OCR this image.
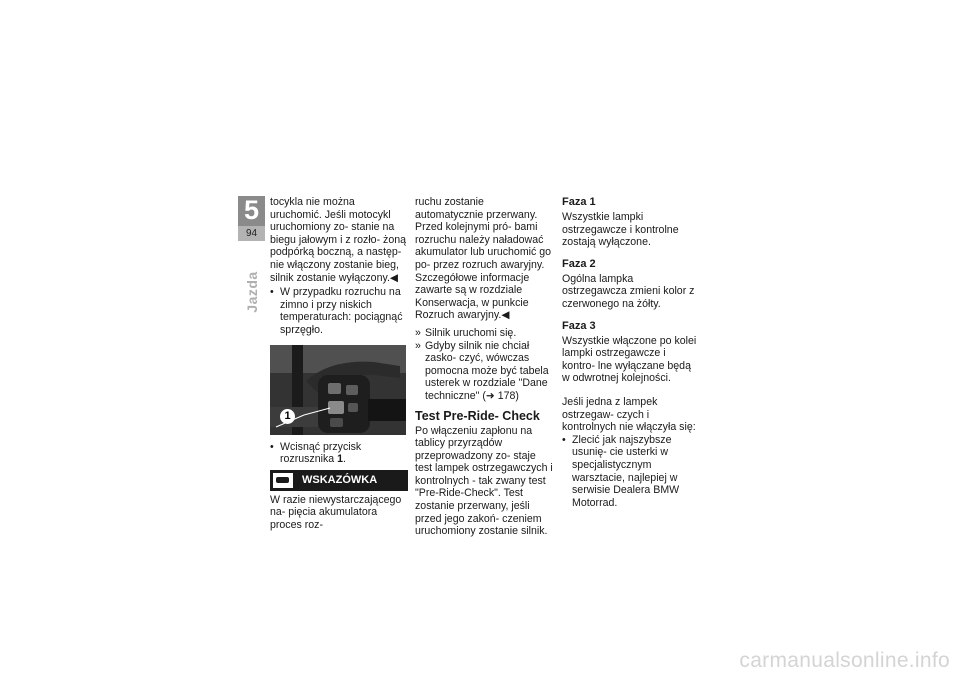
5
94
Jazda

tocykla nie można uruchomić. Jeśli motocykl uruchomiony zo- stanie na biegu jałowym i z rozło- żoną podpórką boczną, a następ- nie włączony zostanie bieg, silnik zostanie wyłączony.◀

• W przypadku rozruchu na zimno i przy niskich temperaturach: pociągnąć sprzęgło.
1
• Wcisnąć przycisk rozrusznika 1.
WSKAZÓWKA

W razie niewystarczającego na- pięcia akumulatora proces roz-

ruchu zostanie automatycznie przerwany. Przed kolejnymi pró- bami rozruchu należy naładować akumulator lub uruchomić go po- przez rozruch awaryjny. Szczegółowe informacje zawarte są w rozdziale Konserwacja, w punkcie Rozruch awaryjny.◀

» Silnik uruchomi się.
» Gdyby silnik nie chciał zasko- czyć, wówczas pomocna może być tabela usterek w rozdziale "Dane techniczne" (➜ 178)
Test Pre-Ride- Check

Po włączeniu zapłonu na tablicy przyrządów przeprowadzony zo- staje test lampek ostrzegawczych i kontrolnych - tak zwany test "Pre-Ride-Check". Test zostanie przerwany, jeśli przed jego zakoń- czeniem uruchomiony zostanie silnik.

Faza 1

Wszystkie lampki ostrzegawcze i kontrolne zostają wyłączone.

Faza 2

Ogólna lampka ostrzegawcza zmieni kolor z czerwonego na żółty.

Faza 3

Wszystkie włączone po kolei lampki ostrzegawcze i kontro- lne wyłączane będą w odwrotnej kolejności.

Jeśli jedna z lampek ostrzegaw- czych i kontrolnych nie włączyła się:

• Zlecić jak najszybsze usunię- cie usterki w specjalistycznym warsztacie, najlepiej w serwisie Dealera BMW Motorrad.
carmanualsonline.info
